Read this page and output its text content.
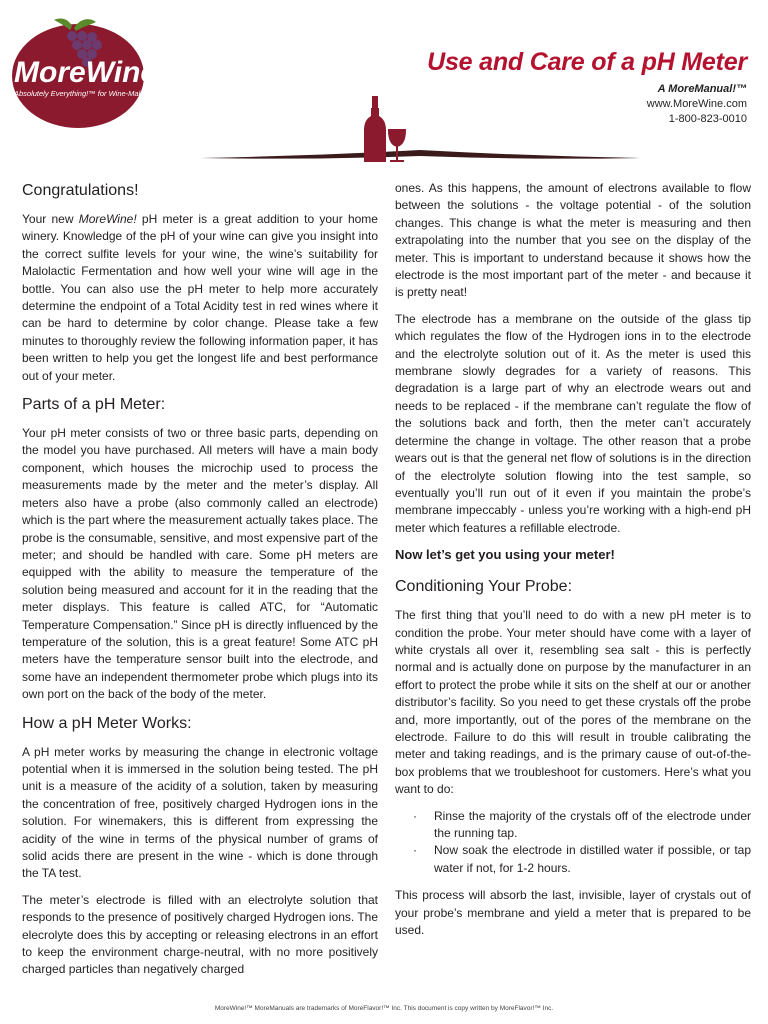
MoreWine!™
Absolutely Everything!™ for Wine-Making
Use and Care of a pH Meter
A MoreManual!™
www.MoreWine.com
1-800-823-0010
Congratulations!

Your new MoreWine! pH meter is a great addition to your home winery. Knowledge of the pH of your wine can give you insight into the correct sulfite levels for your wine, the wine’s suitability for Malolactic Fermentation and how well your wine will age in the bottle. You can also use the pH meter to help more accurately determine the endpoint of a Total Acidity test in red wines where it can be hard to determine by color change. Please take a few minutes to thoroughly review the following information paper, it has been written to help you get the longest life and best performance out of your meter.

Parts of a pH Meter:

Your pH meter consists of two or three basic parts, depending on the model you have purchased. All meters will have a main body component, which houses the microchip used to process the measurements made by the meter and the meter’s display. All meters also have a probe (also commonly called an electrode) which is the part where the measurement actually takes place. The probe is the consumable, sensitive, and most expensive part of the meter; and should be handled with care. Some pH meters are equipped with the ability to measure the temperature of the solution being measured and account for it in the reading that the meter displays. This feature is called ATC, for “Automatic Temperature Compensation.” Since pH is directly influenced by the temperature of the solution, this is a great feature! Some ATC pH meters have the temperature sensor built into the electrode, and some have an independent thermometer probe which plugs into its own port on the back of the body of the meter.

How a pH Meter Works:

A pH meter works by measuring the change in electronic voltage potential when it is immersed in the solution being tested. The pH unit is a measure of the acidity of a solution, taken by measuring the concentration of free, positively charged Hydrogen ions in the solution. For winemakers, this is different from expressing the acidity of the wine in terms of the physical number of grams of solid acids there are present in the wine - which is done through the TA test.

The meter’s electrode is filled with an electrolyte solution that responds to the presence of positively charged Hydrogen ions. The elecrolyte does this by accepting or releasing electrons in an effort to keep the environment charge-neutral, with no more positively charged particles than negatively charged

ones. As this happens, the amount of electrons available to flow between the solutions - the voltage potential - of the solution changes. This change is what the meter is measuring and then extrapolating into the number that you see on the display of the meter. This is important to understand because it shows how the electrode is the most important part of the meter - and because it is pretty neat!

The electrode has a membrane on the outside of the glass tip which regulates the flow of the Hydrogen ions in to the electrode and the electrolyte solution out of it. As the meter is used this membrane slowly degrades for a variety of reasons. This degradation is a large part of why an electrode wears out and needs to be replaced - if the membrane can’t regulate the flow of the solutions back and forth, then the meter can’t accurately determine the change in voltage. The other reason that a probe wears out is that the general net flow of solutions is in the direction of the electrolyte solution flowing into the test sample, so eventually you’ll run out of it even if you maintain the probe’s membrane impeccably - unless you’re working with a high-end pH meter which features a refillable electrode.

Now let’s get you using your meter!
Conditioning Your Probe:

The first thing that you’ll need to do with a new pH meter is to condition the probe. Your meter should have come with a layer of white crystals all over it, resembling sea salt - this is perfectly normal and is actually done on purpose by the manufacturer in an effort to protect the probe while it sits on the shelf at our or another distributor’s facility. So you need to get these crystals off the probe and, more importantly, out of the pores of the membrane on the electrode. Failure to do this will result in trouble calibrating the meter and taking readings, and is the primary cause of out-of-the-box problems that we troubleshoot for customers. Here’s what you want to do:

· Rinse the majority of the crystals off of the electrode under the running tap.
· Now soak the electrode in distilled water if possible, or tap water if not, for 1-2 hours.

This process will absorb the last, invisible, layer of crystals out of your probe’s membrane and yield a meter that is prepared to be used.

MoreWine!™ MoreManuals are trademarks of MoreFlavor!™ Inc. This document is copy written by MoreFlavor!™ Inc.
